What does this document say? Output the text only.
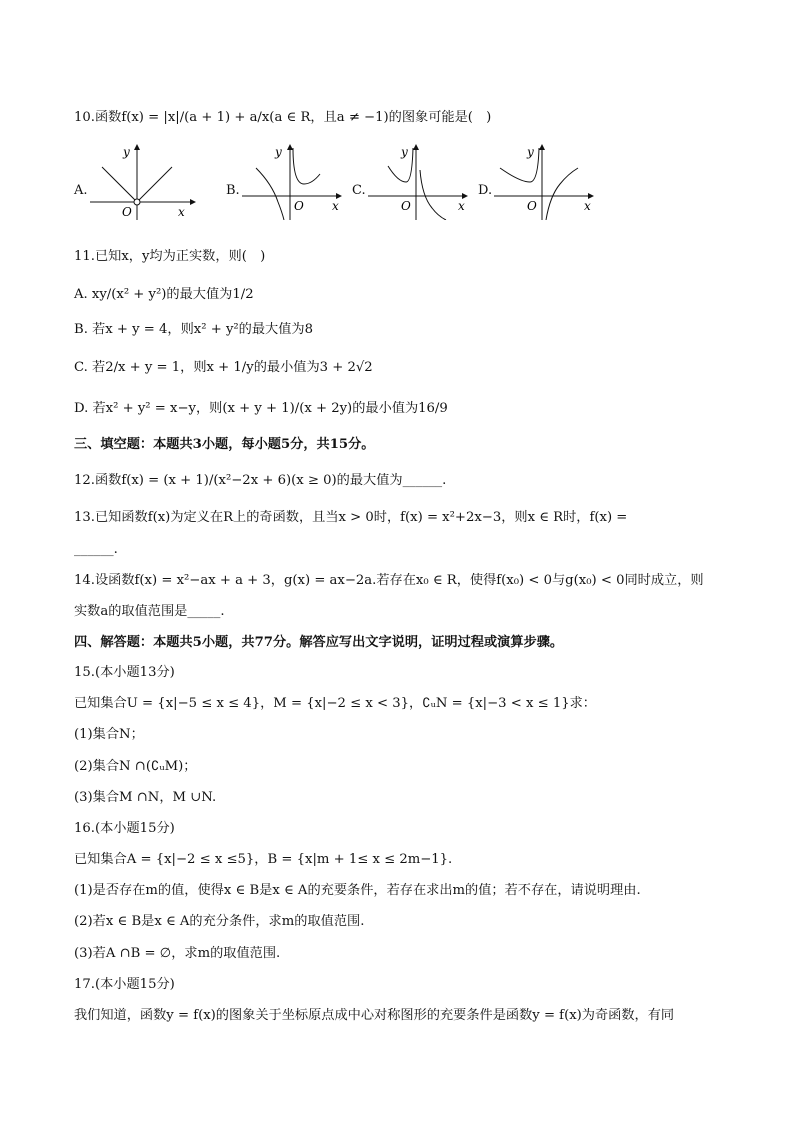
10.函数f(x) = |x|/(a + 1) + a/x(a ∈ R，且a ≠ −1)的图象可能是(　)
A.
y
O	x
B.
y
O x
C.
y
O	x
D.
y
O	x
11.已知x，y均为正实数，则(　)
A. xy/(x² + y²)的最大值为1/2
B. 若x + y = 4，则x² + y²的最大值为8
C. 若2/x + y = 1，则x + 1/y的最小值为3 + 2√2
D. 若x² + y² = x−y，则(x + y + 1)/(x + 2y)的最小值为16/9
三、填空题：本题共3小题，每小题5分，共15分。
12.函数f(x) = (x + 1)/(x²−2x + 6)(x ≥ 0)的最大值为______.
13.已知函数f(x)为定义在R上的奇函数，且当x > 0时，f(x) = x²+2x−3，则x ∈ R时，f(x) =
______.
14.设函数f(x) = x²−ax + a + 3，g(x) = ax−2a.若存在x₀ ∈ R，使得f(x₀) < 0与g(x₀) < 0同时成立，则
实数a的取值范围是_____.
四、解答题：本题共5小题，共77分。解答应写出文字说明，证明过程或演算步骤。
15.(本小题13分)
已知集合U = {x|−5 ≤ x ≤ 4}，M = {x|−2 ≤ x < 3}，∁ᵤN = {x|−3 < x ≤ 1}求：
(1)集合N；
(2)集合N ∩(∁ᵤM)；
(3)集合M ∩N，M ∪N.
16.(本小题15分)
已知集合A = {x|−2 ≤ x ≤5}，B = {x|m + 1≤ x ≤ 2m−1}.
(1)是否存在m的值，使得x ∈ B是x ∈ A的充要条件，若存在求出m的值；若不存在，请说明理由.
(2)若x ∈ B是x ∈ A的充分条件，求m的取值范围.
(3)若A ∩B = ∅，求m的取值范围.
17.(本小题15分)
我们知道，函数y = f(x)的图象关于坐标原点成中心对称图形的充要条件是函数y = f(x)为奇函数，有同
